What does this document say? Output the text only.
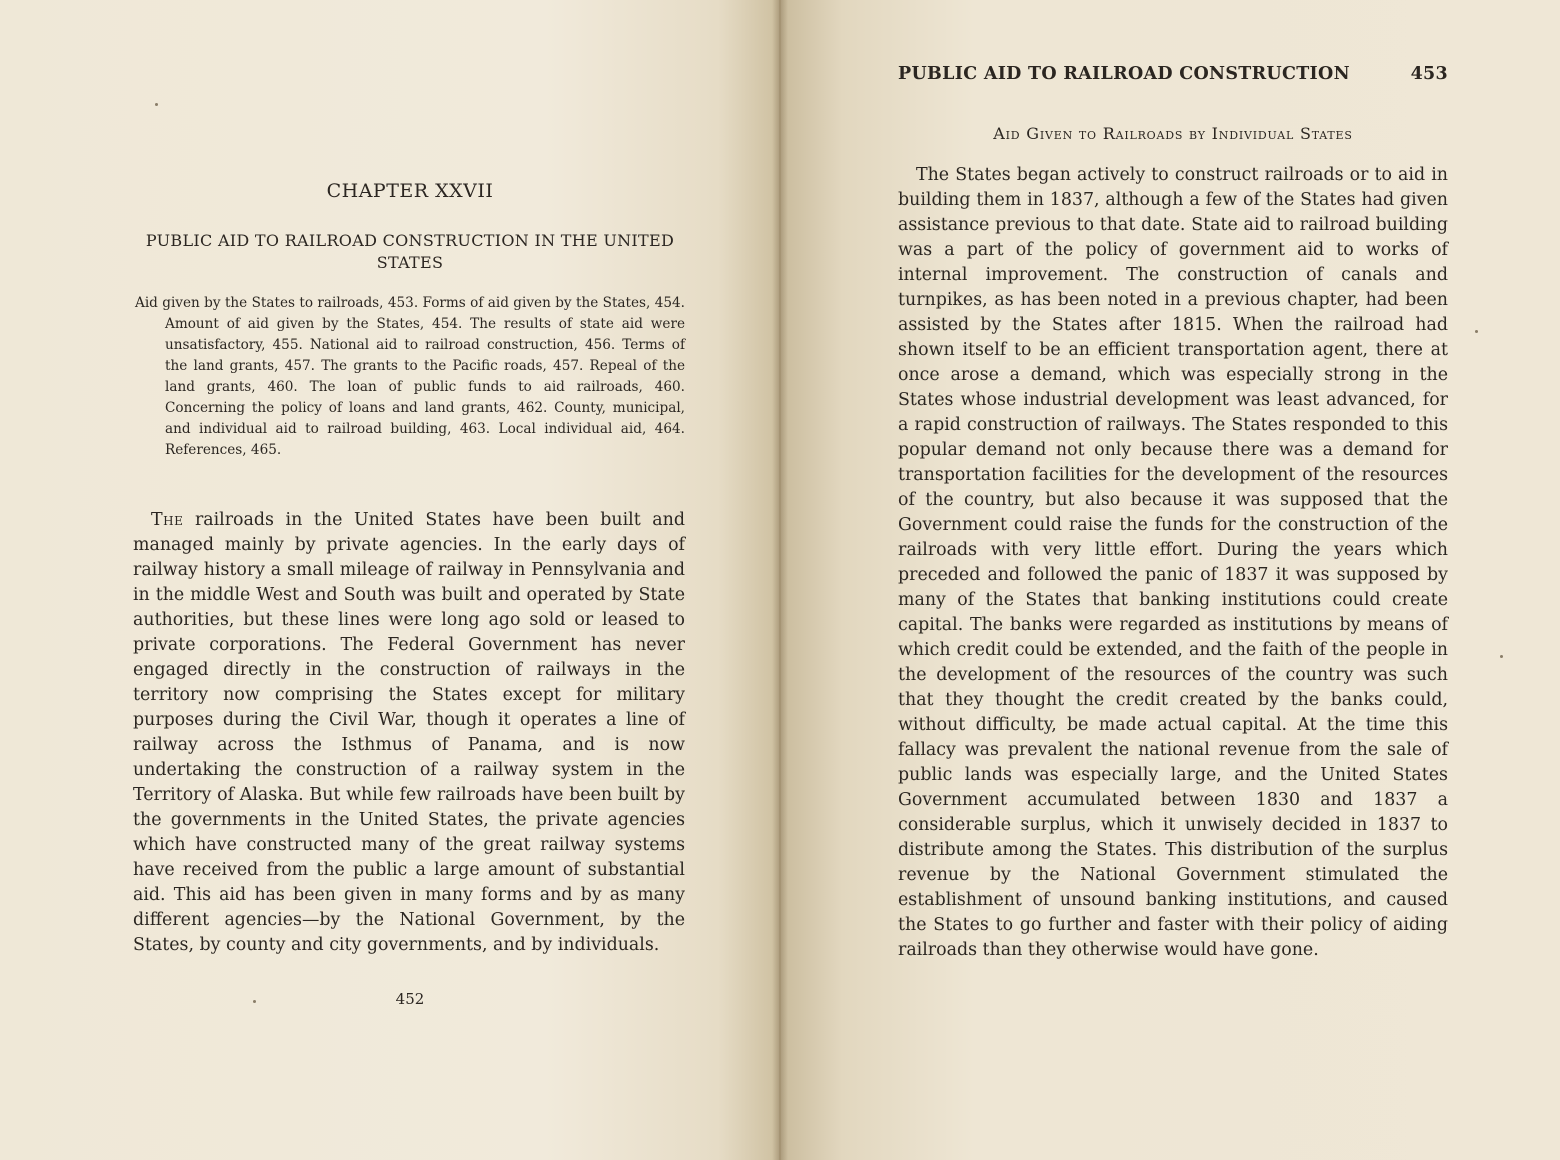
CHAPTER XXVII
PUBLIC AID TO RAILROAD CONSTRUCTION IN THE UNITED STATES
Aid given by the States to railroads, 453. Forms of aid given by the States, 454. Amount of aid given by the States, 454. The results of state aid were unsatisfactory, 455. National aid to railroad construction, 456. Terms of the land grants, 457. The grants to the Pacific roads, 457. Repeal of the land grants, 460. The loan of public funds to aid railroads, 460. Concerning the policy of loans and land grants, 462. County, municipal, and individual aid to railroad building, 463. Local individual aid, 464. References, 465.
The railroads in the United States have been built and managed mainly by private agencies. In the early days of railway history a small mileage of railway in Pennsylvania and in the middle West and South was built and operated by State authorities, but these lines were long ago sold or leased to private corporations. The Federal Government has never engaged directly in the construction of railways in the territory now comprising the States except for military purposes during the Civil War, though it operates a line of railway across the Isthmus of Panama, and is now undertaking the construction of a railway system in the Territory of Alaska. But while few railroads have been built by the governments in the United States, the private agencies which have constructed many of the great railway systems have received from the public a large amount of substantial aid. This aid has been given in many forms and by as many different agencies—by the National Government, by the States, by county and city governments, and by individuals.
452
PUBLIC AID TO RAILROAD CONSTRUCTION	453
Aid Given to Railroads by Individual States
The States began actively to construct railroads or to aid in building them in 1837, although a few of the States had given assistance previous to that date. State aid to railroad building was a part of the policy of government aid to works of internal improvement. The construction of canals and turnpikes, as has been noted in a previous chapter, had been assisted by the States after 1815. When the railroad had shown itself to be an efficient transportation agent, there at once arose a demand, which was especially strong in the States whose industrial development was least advanced, for a rapid construction of railways. The States responded to this popular demand not only because there was a demand for transportation facilities for the development of the resources of the country, but also because it was supposed that the Government could raise the funds for the construction of the railroads with very little effort. During the years which preceded and followed the panic of 1837 it was supposed by many of the States that banking institutions could create capital. The banks were regarded as institutions by means of which credit could be extended, and the faith of the people in the development of the resources of the country was such that they thought the credit created by the banks could, without difficulty, be made actual capital. At the time this fallacy was prevalent the national revenue from the sale of public lands was especially large, and the United States Government accumulated between 1830 and 1837 a considerable surplus, which it unwisely decided in 1837 to distribute among the States. This distribution of the surplus revenue by the National Government stimulated the establishment of unsound banking institutions, and caused the States to go further and faster with their policy of aiding railroads than they otherwise would have gone.
